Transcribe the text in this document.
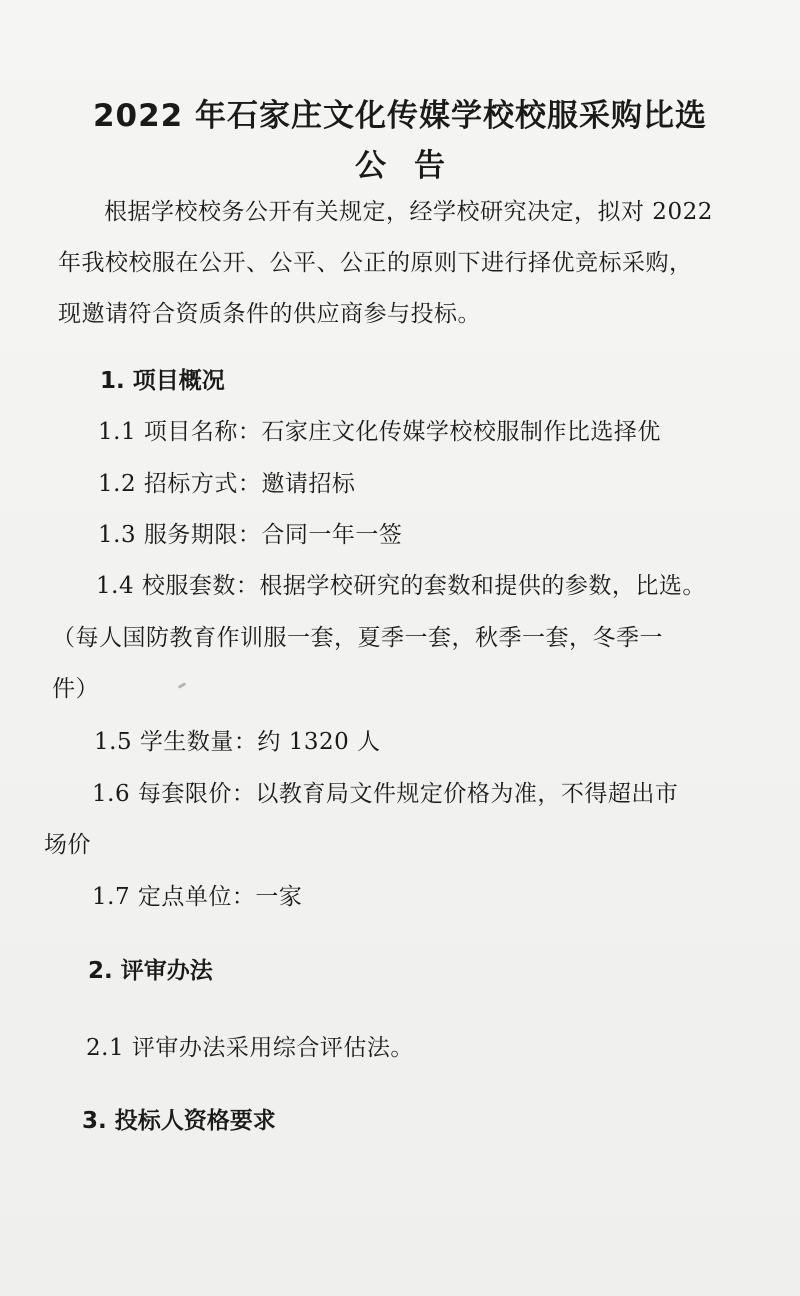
2022 年石家庄文化传媒学校校服采购比选
公告
根据学校校务公开有关规定，经学校研究决定，拟对 2022
年我校校服在公开、公平、公正的原则下进行择优竞标采购，
现邀请符合资质条件的供应商参与投标。
1. 项目概况
1.1 项目名称：石家庄文化传媒学校校服制作比选择优
1.2 招标方式：邀请招标
1.3 服务期限：合同一年一签
1.4 校服套数：根据学校研究的套数和提供的参数，比选。
（每人国防教育作训服一套，夏季一套，秋季一套，冬季一
件）
1.5 学生数量：约 1320 人
1.6 每套限价：以教育局文件规定价格为准，不得超出市
场价
1.7 定点单位：一家
2. 评审办法
2.1 评审办法采用综合评估法。
3. 投标人资格要求
